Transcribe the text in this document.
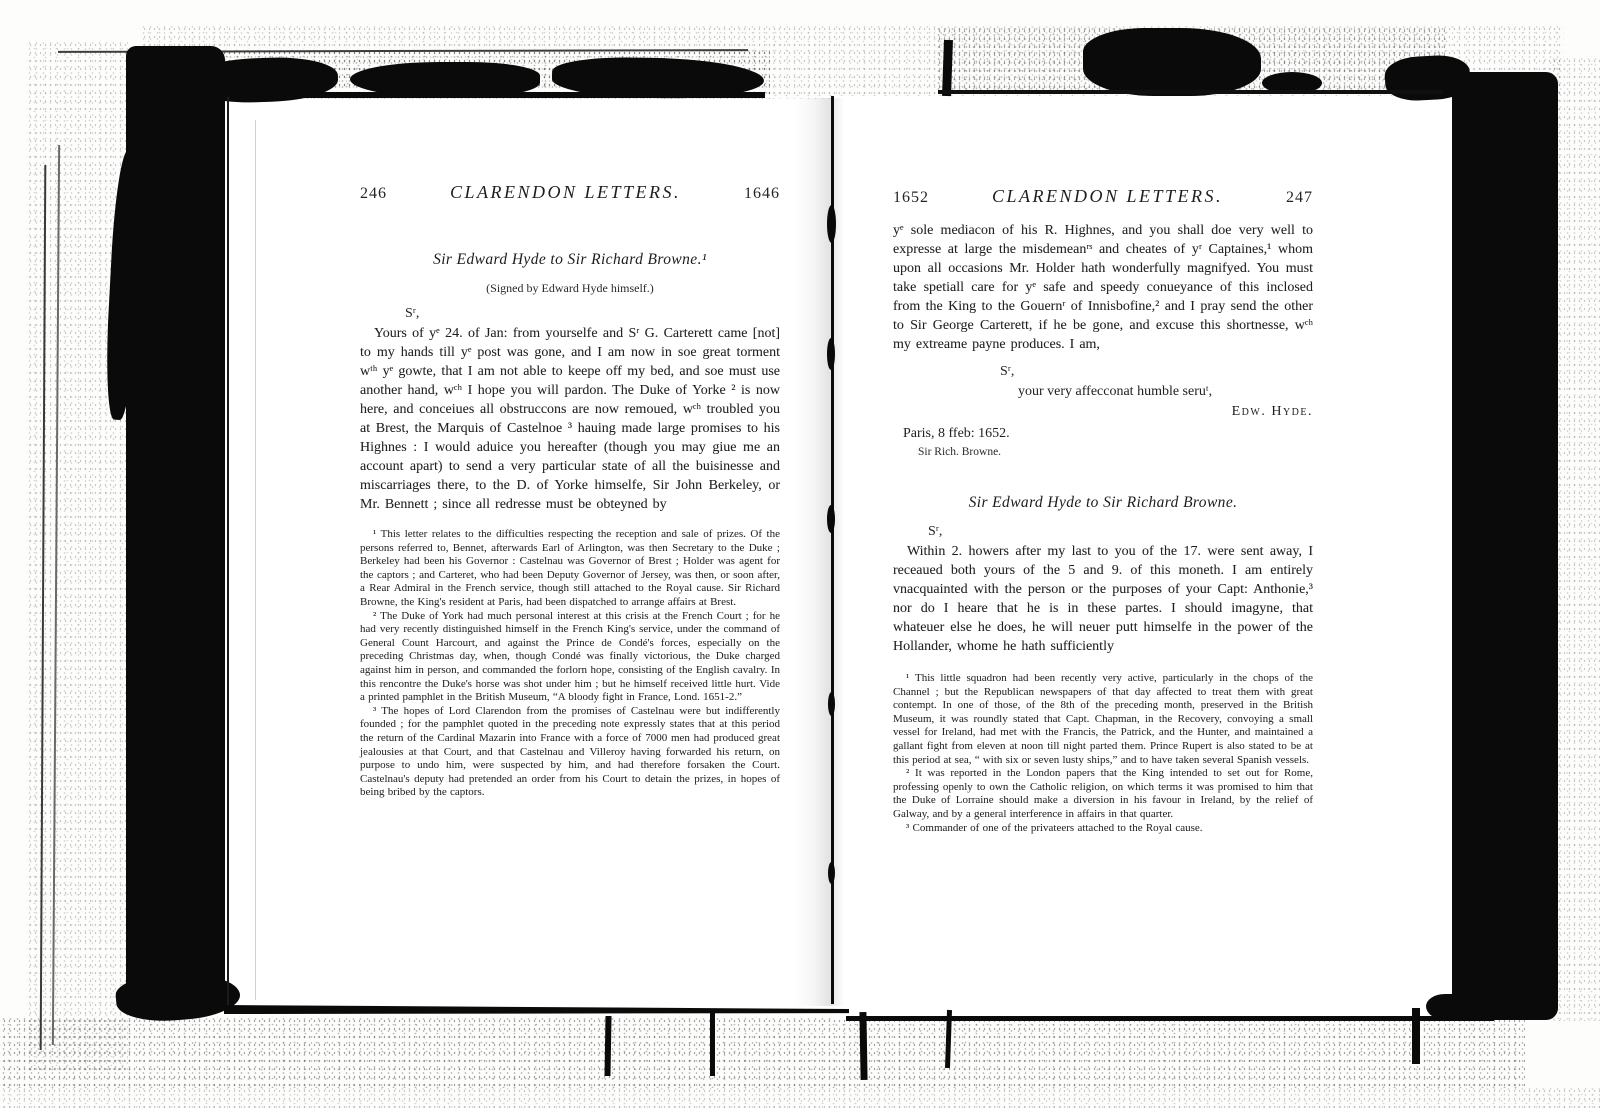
246	CLARENDON LETTERS.	1646
Sir Edward Hyde to Sir Richard Browne.¹
(Signed by Edward Hyde himself.)
Sʳ,

Yours of yᵉ 24. of Jan: from yourselfe and Sʳ G. Carterett came [not] to my hands till yᵉ post was gone, and I am now in soe great torment wᵗʰ yᵉ gowte, that I am not able to keepe off my bed, and soe must use another hand, wᶜʰ I hope you will pardon. The Duke of Yorke ² is now here, and conceiues all obstruccons are now remoued, wᶜʰ troubled you at Brest, the Marquis of Castelnoe ³ hauing made large promises to his Highnes : I would aduice you hereafter (though you may giue me an account apart) to send a very particular state of all the buisinesse and miscarriages there, to the D. of Yorke himselfe, Sir John Berkeley, or Mr. Bennett ; since all redresse must be obteyned by

¹ This letter relates to the difficulties respecting the reception and sale of prizes. Of the persons referred to, Bennet, afterwards Earl of Arlington, was then Secretary to the Duke ; Berkeley had been his Governor : Castelnau was Governor of Brest ; Holder was agent for the captors ; and Carteret, who had been Deputy Governor of Jersey, was then, or soon after, a Rear Admiral in the French service, though still attached to the Royal cause. Sir Richard Browne, the King's resident at Paris, had been dispatched to arrange affairs at Brest.

² The Duke of York had much personal interest at this crisis at the French Court ; for he had very recently distinguished himself in the French King's service, under the command of General Count Harcourt, and against the Prince de Condé's forces, especially on the preceding Christmas day, when, though Condé was finally victorious, the Duke charged against him in person, and commanded the forlorn hope, consisting of the English cavalry. In this rencontre the Duke's horse was shot under him ; but he himself received little hurt. Vide a printed pamphlet in the British Museum, “A bloody fight in France, Lond. 1651-2.”

³ The hopes of Lord Clarendon from the promises of Castelnau were but indifferently founded ; for the pamphlet quoted in the preceding note expressly states that at this period the return of the Cardinal Mazarin into France with a force of 7000 men had produced great jealousies at that Court, and that Castelnau and Villeroy having forwarded his return, on purpose to undo him, were suspected by him, and had therefore forsaken the Court. Castelnau's deputy had pretended an order from his Court to detain the prizes, in hopes of being bribed by the captors.

1652	CLARENDON LETTERS.	247

yᵉ sole mediacon of his R. Highnes, and you shall doe very well to expresse at large the misdemeanʳˢ and cheates of yʳ Captaines,¹ whom upon all occasions Mr. Holder hath wonderfully magnifyed. You must take spetiall care for yᵉ safe and speedy conueyance of this inclosed from the King to the Gouernʳ of Innisbofine,² and I pray send the other to Sir George Carterett, if he be gone, and excuse this shortnesse, wᶜʰ my extreame payne produces. I am,

Sʳ,
your very affecconat humble seruᵗ,
Edw. Hyde.
Paris, 8 ffeb: 1652.
Sir Rich. Browne.
Sir Edward Hyde to Sir Richard Browne.
Sʳ,

Within 2. howers after my last to you of the 17. were sent away, I receaued both yours of the 5 and 9. of this moneth. I am entirely vnacquainted with the person or the purposes of your Capt: Anthonie,³ nor do I heare that he is in these partes. I should imagyne, that whateuer else he does, he will neuer putt himselfe in the power of the Hollander, whome he hath sufficiently

¹ This little squadron had been recently very active, particularly in the chops of the Channel ; but the Republican newspapers of that day affected to treat them with great contempt. In one of those, of the 8th of the preceding month, preserved in the British Museum, it was roundly stated that Capt. Chapman, in the Recovery, convoying a small vessel for Ireland, had met with the Francis, the Patrick, and the Hunter, and maintained a gallant fight from eleven at noon till night parted them. Prince Rupert is also stated to be at this period at sea, “ with six or seven lusty ships,” and to have taken several Spanish vessels.

² It was reported in the London papers that the King intended to set out for Rome, professing openly to own the Catholic religion, on which terms it was promised to him that the Duke of Lorraine should make a diversion in his favour in Ireland, by the relief of Galway, and by a general interference in affairs in that quarter.

³ Commander of one of the privateers attached to the Royal cause.
